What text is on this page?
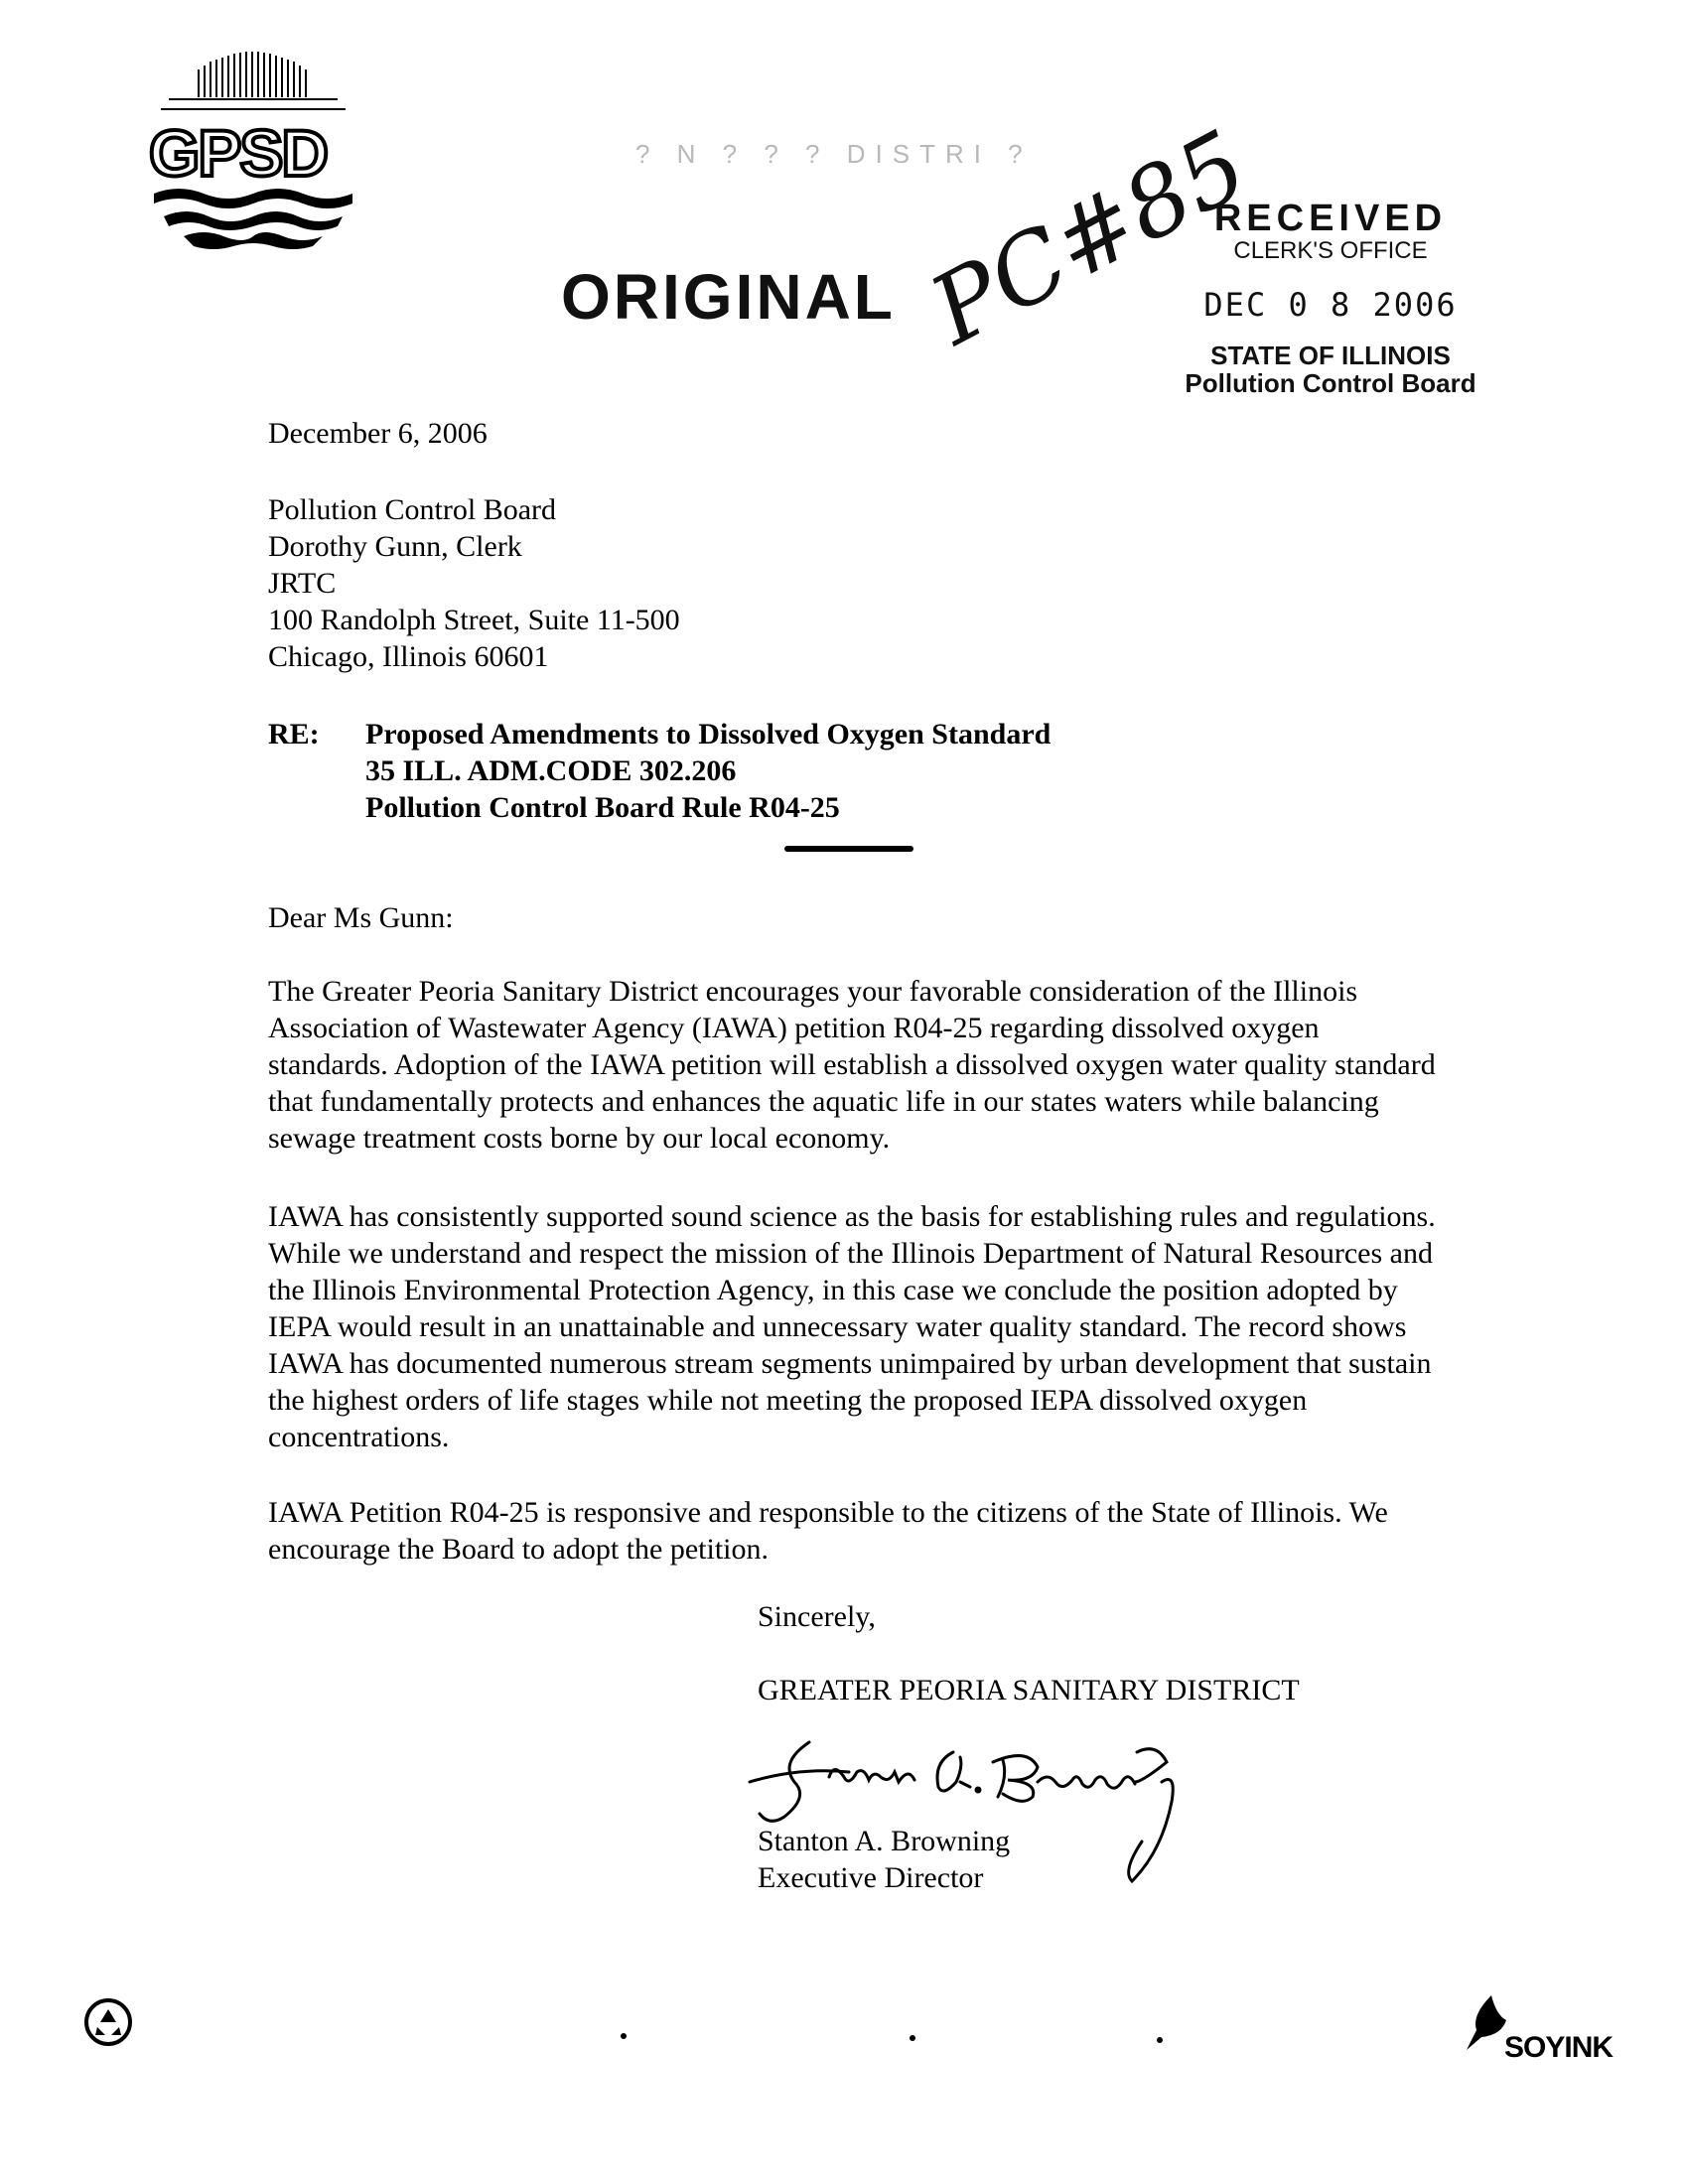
GPSD	? N ? ? ? DISTRI ?
ORIGINAL PC#85
RECEIVED
CLERK'S OFFICE
DEC 0 8 2006
STATE OF ILLINOIS
Pollution Control Board
December 6, 2006
Pollution Control Board
Dorothy Gunn, Clerk
JRTC
100 Randolph Street, Suite 11-500
Chicago, Illinois 60601
RE: Proposed Amendments to Dissolved Oxygen Standard
35 ILL. ADM.CODE 302.206
Pollution Control Board Rule R04-25
Dear Ms Gunn:
The Greater Peoria Sanitary District encourages your favorable consideration of the Illinois Association of Wastewater Agency (IAWA) petition R04-25 regarding dissolved oxygen standards. Adoption of the IAWA petition will establish a dissolved oxygen water quality standard that fundamentally protects and enhances the aquatic life in our states waters while balancing sewage treatment costs borne by our local economy.
IAWA has consistently supported sound science as the basis for establishing rules and regulations. While we understand and respect the mission of the Illinois Department of Natural Resources and the Illinois Environmental Protection Agency, in this case we conclude the position adopted by IEPA would result in an unattainable and unnecessary water quality standard. The record shows IAWA has documented numerous stream segments unimpaired by urban development that sustain the highest orders of life stages while not meeting the proposed IEPA dissolved oxygen concentrations.
IAWA Petition R04-25 is responsive and responsible to the citizens of the State of Illinois. We encourage the Board to adopt the petition.
Sincerely,
GREATER PEORIA SANITARY DISTRICT
Stanton A. Browning
Executive Director
SOYINK
